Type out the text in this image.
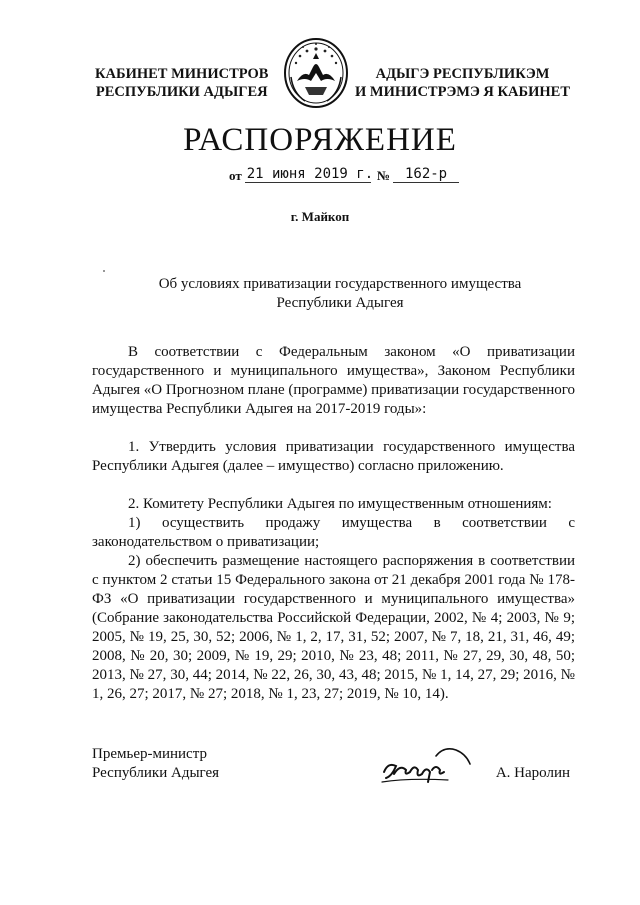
КАБИНЕТ МИНИСТРОВ
РЕСПУБЛИКИ АДЫГЕЯ
АДЫГЭ РЕСПУБЛИКЭМ
И МИНИСТРЭМЭ Я КАБИНЕТ
РАСПОРЯЖЕНИЕ
от 21 июня 2019 г. № 162-р
г. Майкоп
Об условиях приватизации государственного имущества
Республики Адыгея

В соответствии с Федеральным законом «О приватизации государственного и муниципального имущества», Законом Республики Адыгея «О Прогнозном плане (программе) приватизации государственного имущества Республики Адыгея на 2017-2019 годы»:

1. Утвердить условия приватизации государственного имущества Республики Адыгея (далее – имущество) согласно приложению.

2. Комитету Республики Адыгея по имущественным отношениям:

1) осуществить продажу имущества в соответствии с законодательством о приватизации;

2) обеспечить размещение настоящего распоряжения в соответствии с пунктом 2 статьи 15 Федерального закона от 21 декабря 2001 года № 178-ФЗ «О приватизации государственного и муниципального имущества» (Собрание законодательства Российской Федерации, 2002, № 4; 2003, № 9; 2005, № 19, 25, 30, 52; 2006, № 1, 2, 17, 31, 52; 2007, № 7, 18, 21, 31, 46, 49; 2008, № 20, 30; 2009, № 19, 29; 2010, № 23, 48; 2011, № 27, 29, 30, 48, 50; 2013, № 27, 30, 44; 2014, № 22, 26, 30, 43, 48; 2015, № 1, 14, 27, 29; 2016, № 1, 26, 27; 2017, № 27; 2018, № 1, 23, 27; 2019, № 10, 14).

Премьер-министр
Республики Адыгея	А. Наролин
